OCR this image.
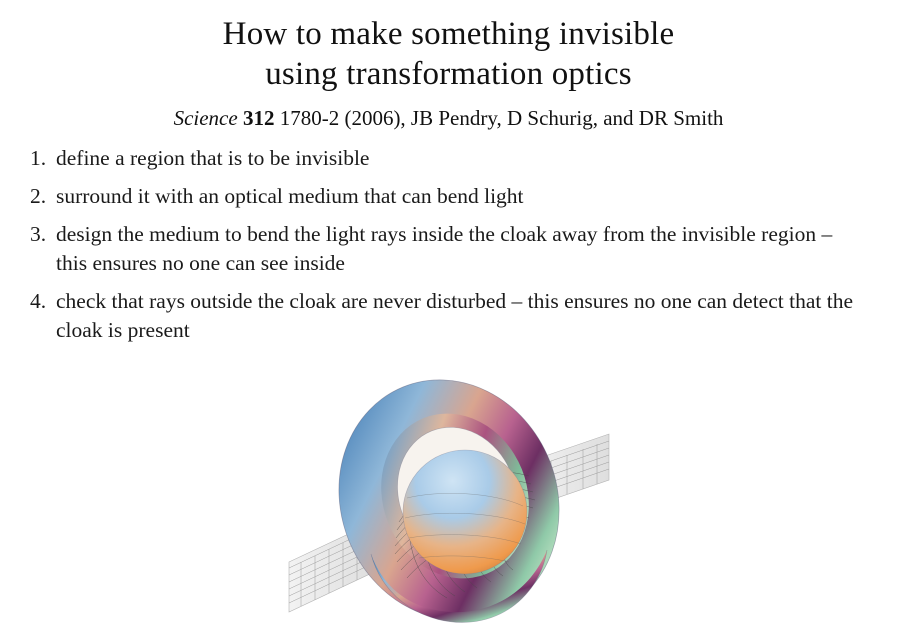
How to make something invisible
using transformation optics
Science 312 1780-2 (2006), JB Pendry, D Schurig, and DR Smith
1. define a region that is to be invisible
2. surround it with an optical medium that can bend light
3. design the medium to bend the light rays inside the cloak away from the invisible region – this ensures no one can see inside
4. check that rays outside the cloak are never disturbed – this ensures no one can detect that the cloak is present
